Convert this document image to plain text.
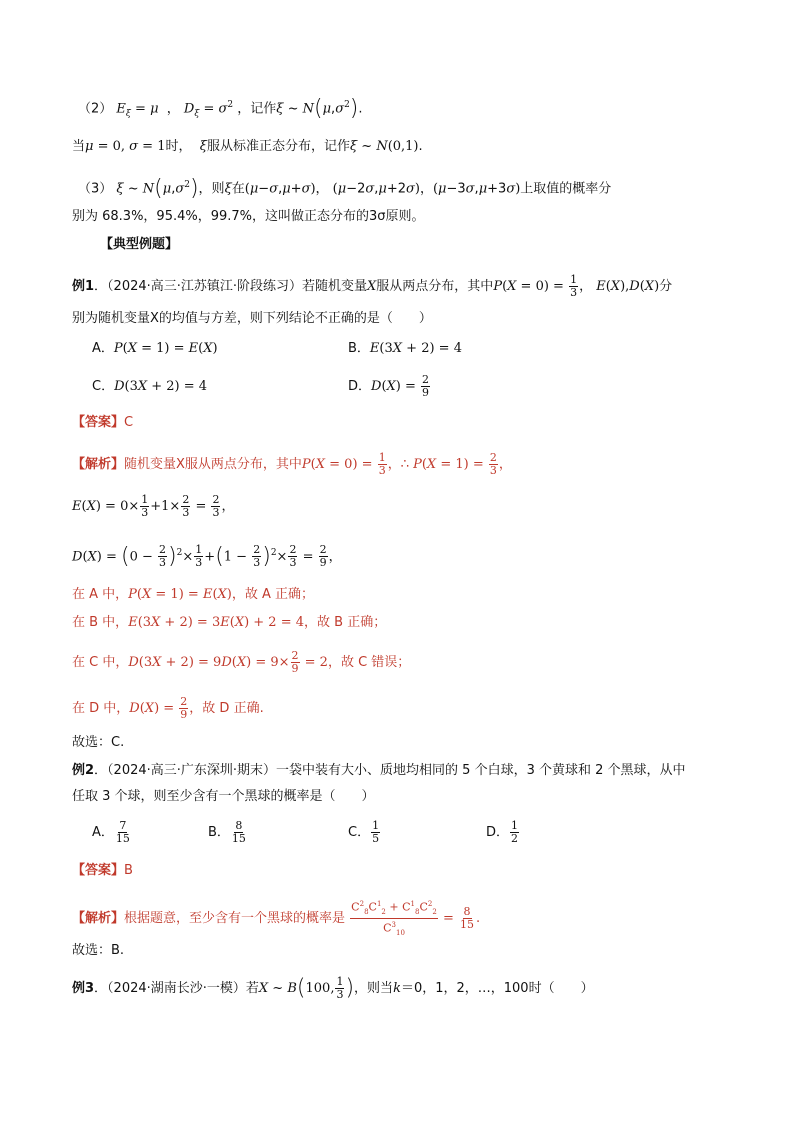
（2） $E_\xi = \mu$  ， $D_\xi = \sigma^2$ ，记作ξ ~ $N(\mu,\sigma^2)$.
当μ = 0, σ = 1时， ξ服从标准正态分布，记作ξ ~ N(0,1).
（3） ξ ~ $N(\mu,\sigma^2)$，则ξ在(μ−σ,μ+σ)， (μ−2σ,μ+2σ)，(μ−3σ,μ+3σ)上取值的概率分
别为 68.3%，95.4%，99.7%，这叫做正态分布的3σ原则。
【典型例题】
例1．（2024·高三·江苏镇江·阶段练习）若随机变量X服从两点分布，其中$P(X = 0) = \frac{1}{3}$ ， E(X),D(X)分
别为随机变量X的均值与方差，则下列结论不正确的是（　　）
A．P(X = 1) = E(X)	B．E(3X + 2) = 4
C．D(3X + 2) = 4	D．$D(X) = \frac{2}{9}$
【答案】C
【解析】随机变量X服从两点分布，其中$P(X = 0) = \frac{1}{3}$ ，∴ $P(X = 1) = \frac{2}{3}$ ，
$E(X) = 0\times \frac{1}{3} +1\times \frac{2}{3} = \frac{2}{3}$ ，
$D(X) = (0 - \frac{2}{3} )^2\times \frac{1}{3} +(1 - \frac{2}{3} )^2\times \frac{2}{3} = \frac{2}{9}$ ，
在 A 中，P(X = 1) = E(X)，故 A 正确；
在 B 中，E(3X + 2) = 3E(X) + 2 = 4，故 B 正确；
在 C 中，$D(3X + 2) = 9D(X) = 9\times \frac{2}{9} = 2$，故 C 错误；
在 D 中，$D(X) = \frac{2}{9}$ ，故 D 正确.
故选：C.
例2．（2024·高三·广东深圳·期末）一袋中装有大小、质地均相同的 5 个白球，3 个黄球和 2 个黑球，从中
任取 3 个球，则至少含有一个黑球的概率是（　　）
A． $\frac{7}{15}$	B． $\frac{8}{15}$	C． $\frac{1}{5}$	D． $\frac{1}{2}$
【答案】B
【解析】根据题意，至少含有一个黑球的概率是 $\frac{C^2_8C^1_2 + C^1_8C^2_2}{C^3_{10}} = \frac{8}{15}$ .
故选：B.
例3．（2024·湖南长沙·一模）若X ~ B(100, $\frac{1}{3}$ )，则当k＝0，1，2，…，100时（　　）
